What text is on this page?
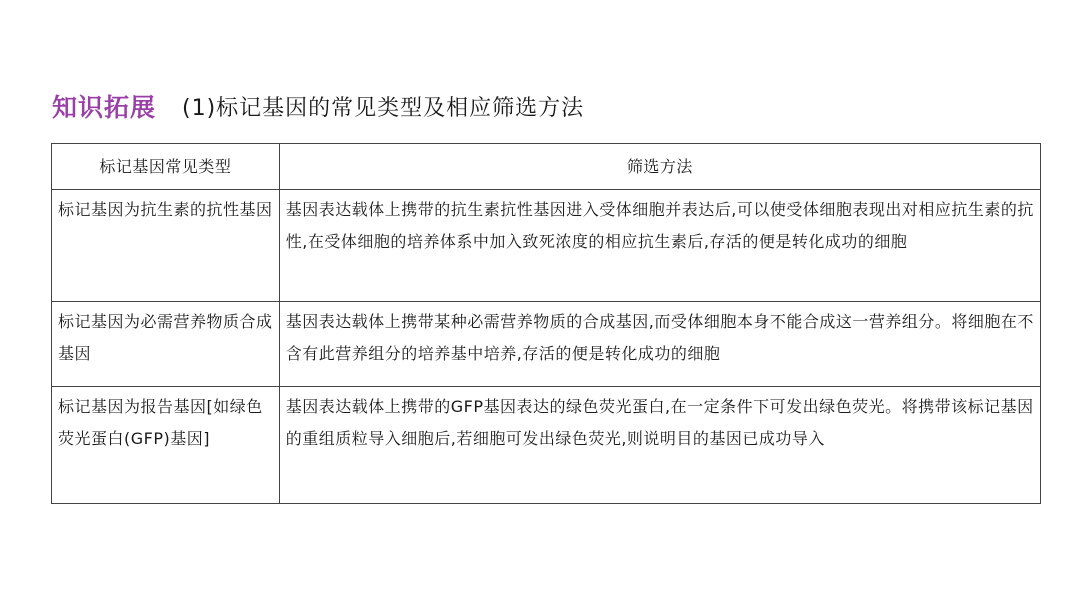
知识拓展 (1)标记基因的常见类型及相应筛选方法
标记基因常见类型	筛选方法
标记基因为抗生素的抗性基因	基因表达载体上携带的抗生素抗性基因进入受体细胞并表达后,可以使受体细胞表现出对相应抗生素的抗性,在受体细胞的培养体系中加入致死浓度的相应抗生素后,存活的便是转化成功的细胞
标记基因为必需营养物质合成基因	基因表达载体上携带某种必需营养物质的合成基因,而受体细胞本身不能合成这一营养组分。将细胞在不含有此营养组分的培养基中培养,存活的便是转化成功的细胞
标记基因为报告基因[如绿色荧光蛋白(GFP)基因]	基因表达载体上携带的GFP基因表达的绿色荧光蛋白,在一定条件下可发出绿色荧光。将携带该标记基因的重组质粒导入细胞后,若细胞可发出绿色荧光,则说明目的基因已成功导入
